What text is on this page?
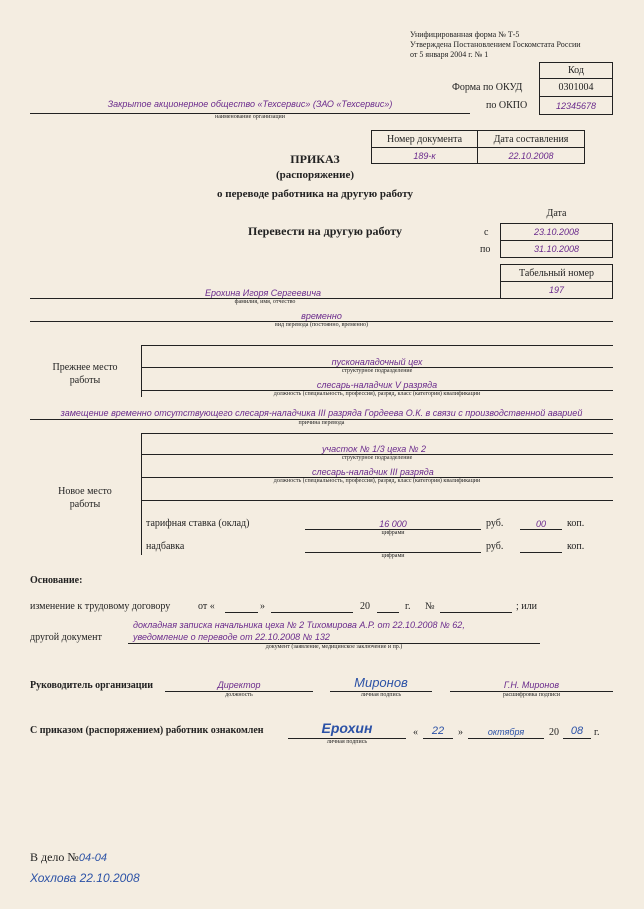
Унифицированная форма № Т-5
Утверждена Постановлением Госкомстата России
от 5 января 2004 г. № 1
Код
0301004
12345678
Форма по ОКУД
по ОКПО
Закрытое акционерное общество «Техсервис» (ЗАО «Техсервис»)
наименование организации
Номер документа	Дата составления
189-к	22.10.2008
ПРИКАЗ
(распоряжение)
о переводе работника на другую работу
Дата
Перевести на другую работу	с	23.10.2008
по	31.10.2008
Табельный номер
197
Ерохина Игоря Сергеевича
фамилия, имя, отчество
временно
вид перевода (постоянно, временно)
Прежнее место
работы
пусконаладочный цех
структурное подразделение
слесарь-наладчик V разряда
должность (специальность, профессия), разряд, класс (категория) квалификации
замещение временно отсутствующего слесаря-наладчика III разряда Гордеева О.К. в связи с производственной аварией
причина перевода
Новое место
работы
участок № 1/3 цеха № 2
структурное подразделение
слесарь-наладчик III разряда
должность (специальность, профессия), разряд, класс (категория) квалификации
тарифная ставка (оклад)	16 000
цифрами
руб.	00	коп.
надбавка
цифрами
руб.	коп.
Основание:
изменение к трудовому договору	от «	»	20	г. №	; или
другой документ
докладная записка начальника цеха № 2 Тихомирова А.Р. от 22.10.2008 № 62,
уведомление о переводе от 22.10.2008 № 132
документ (заявление, медицинское заключение и пр.)
Руководитель организации	Директор
должность
Миронов
личная подпись
Г.Н. Миронов
расшифровка подписи
С приказом (распоряжением) работник ознакомлен	Ерохин
личная подпись
«	22	»	октября	20	08	г.
В дело №04-04
Хохлова 22.10.2008
